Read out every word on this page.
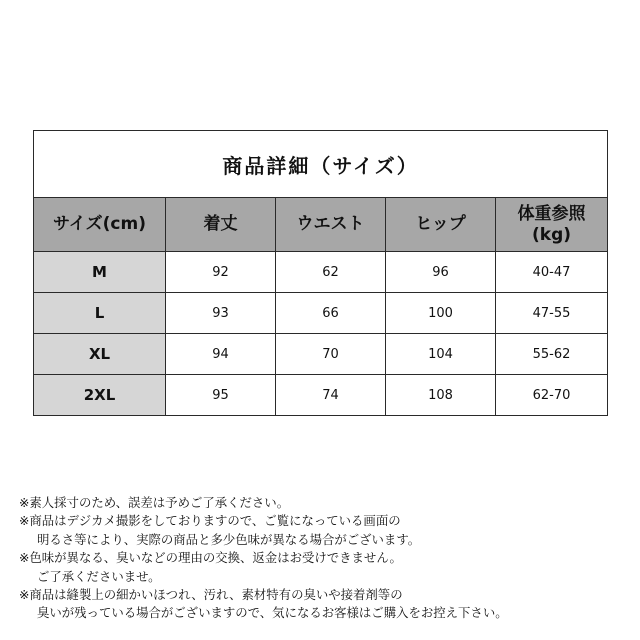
商品詳細（サイズ）				
サイズ(cm)	着丈	ウエスト	ヒップ	体重参照
(kg)
M	92	62	96	40-47
L	93	66	100	47-55
XL	94	70	104	55-62
2XL	95	74	108	62-70
※素人採寸のため、誤差は予めご了承ください。
※商品はデジカメ撮影をしておりますので、ご覧になっている画面の
明るさ等により、実際の商品と多少色味が異なる場合がございます。
※色味が異なる、臭いなどの理由の交換、返金はお受けできません。
ご了承くださいませ。
※商品は縫製上の細かいほつれ、汚れ、素材特有の臭いや接着剤等の
臭いが残っている場合がございますので、気になるお客様はご購入をお控え下さい。
